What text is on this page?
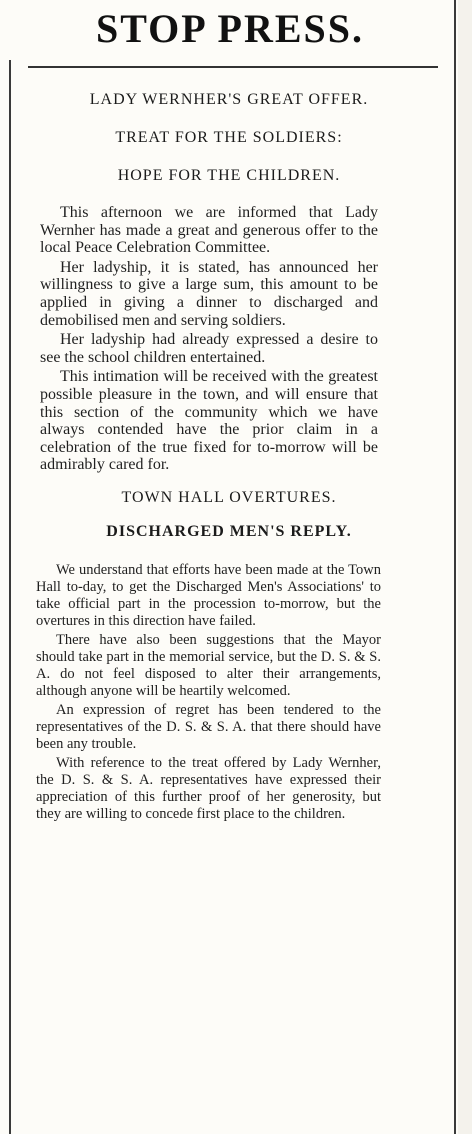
STOP PRESS.

LADY WERNHER'S GREAT OFFER.

TREAT FOR THE SOLDIERS:

HOPE FOR THE CHILDREN.

This afternoon we are informed that Lady Wernher has made a great and generous offer to the local Peace Celebration Committee.

Her ladyship, it is stated, has announced her willingness to give a large sum, this amount to be applied in giving a dinner to discharged and demobilised men and serving soldiers.

Her ladyship had already expressed a desire to see the school children entertained.

This intimation will be received with the greatest possible pleasure in the town, and will ensure that this section of the community which we have always contended have the prior claim in a celebration of the true fixed for to-morrow will be admirably cared for.

TOWN HALL OVERTURES.

DISCHARGED MEN'S REPLY.

We understand that efforts have been made at the Town Hall to-day, to get the Discharged Men's Associations' to take official part in the procession to-morrow, but the overtures in this direction have failed.

There have also been suggestions that the Mayor should take part in the memorial service, but the D. S. & S. A. do not feel disposed to alter their arrangements, although anyone will be heartily welcomed.

An expression of regret has been tendered to the representatives of the D. S. & S. A. that there should have been any trouble.

With reference to the treat offered by Lady Wernher, the D. S. & S. A. representatives have expressed their appreciation of this further proof of her generosity, but they are willing to concede first place to the children.
